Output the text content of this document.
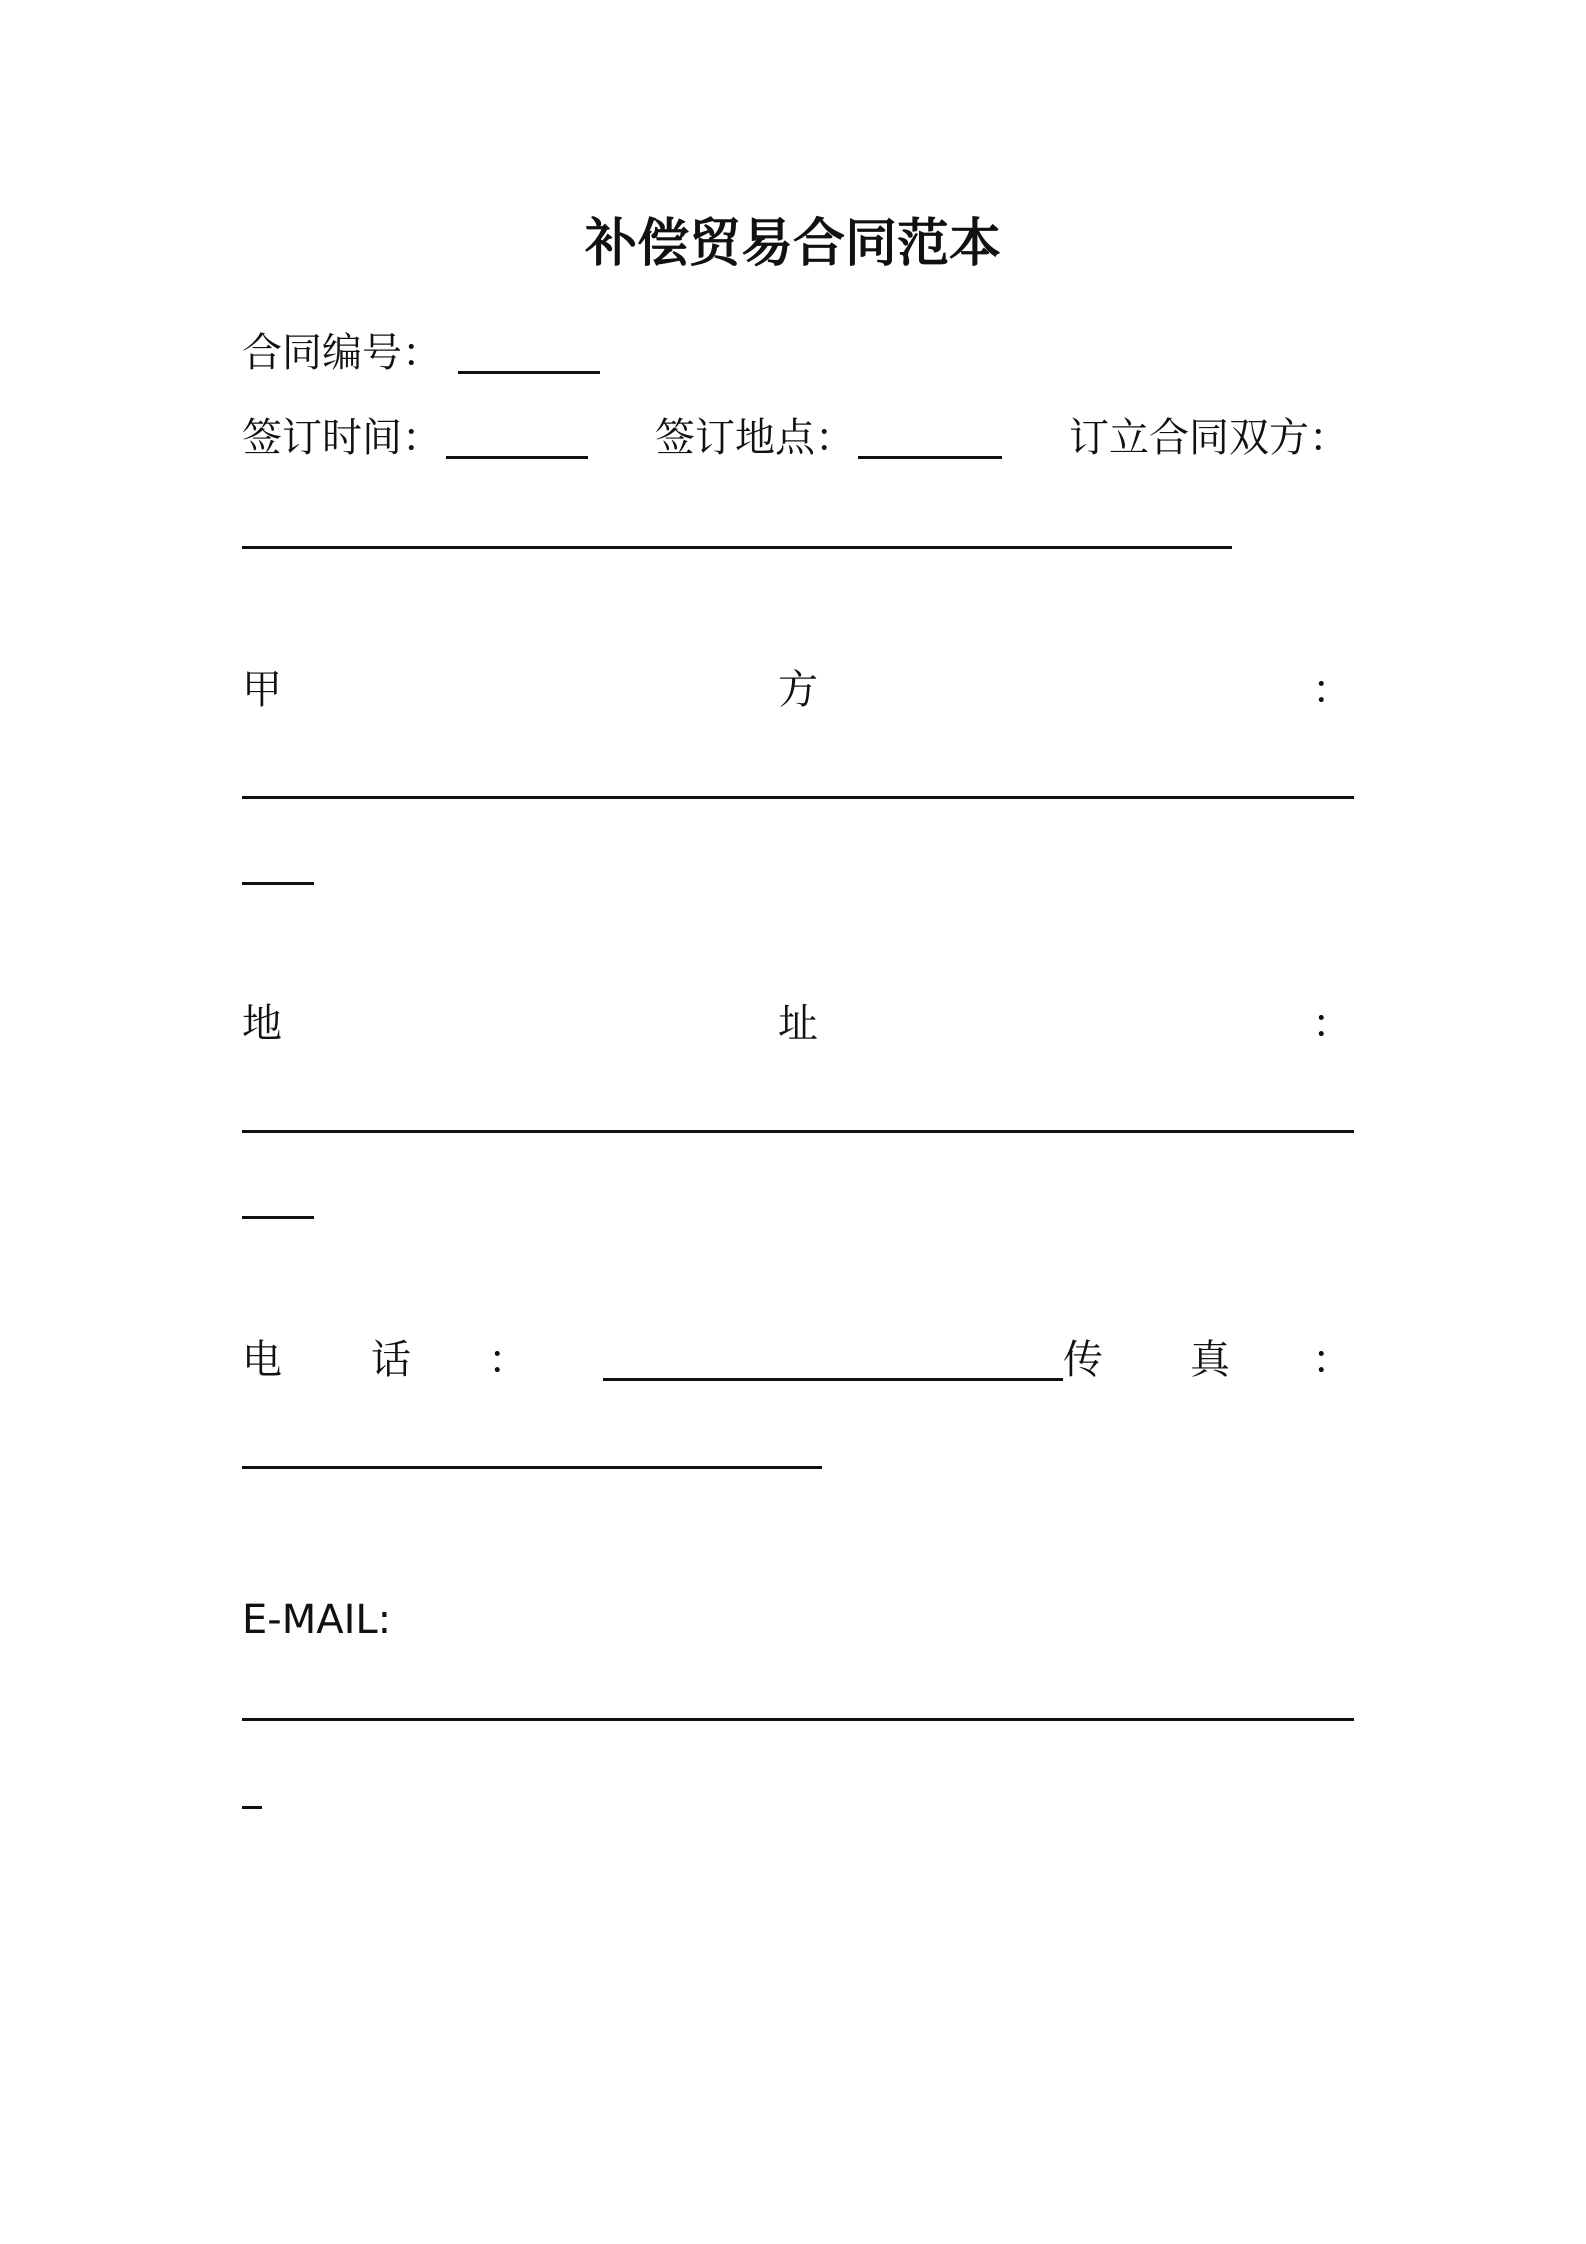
补偿贸易合同范本
合同编号：
签订时间：	签订地点：	订立合同双方：
甲	方	：
地	址	：
电 话 ：	传 真 ：
E-MAIL:
